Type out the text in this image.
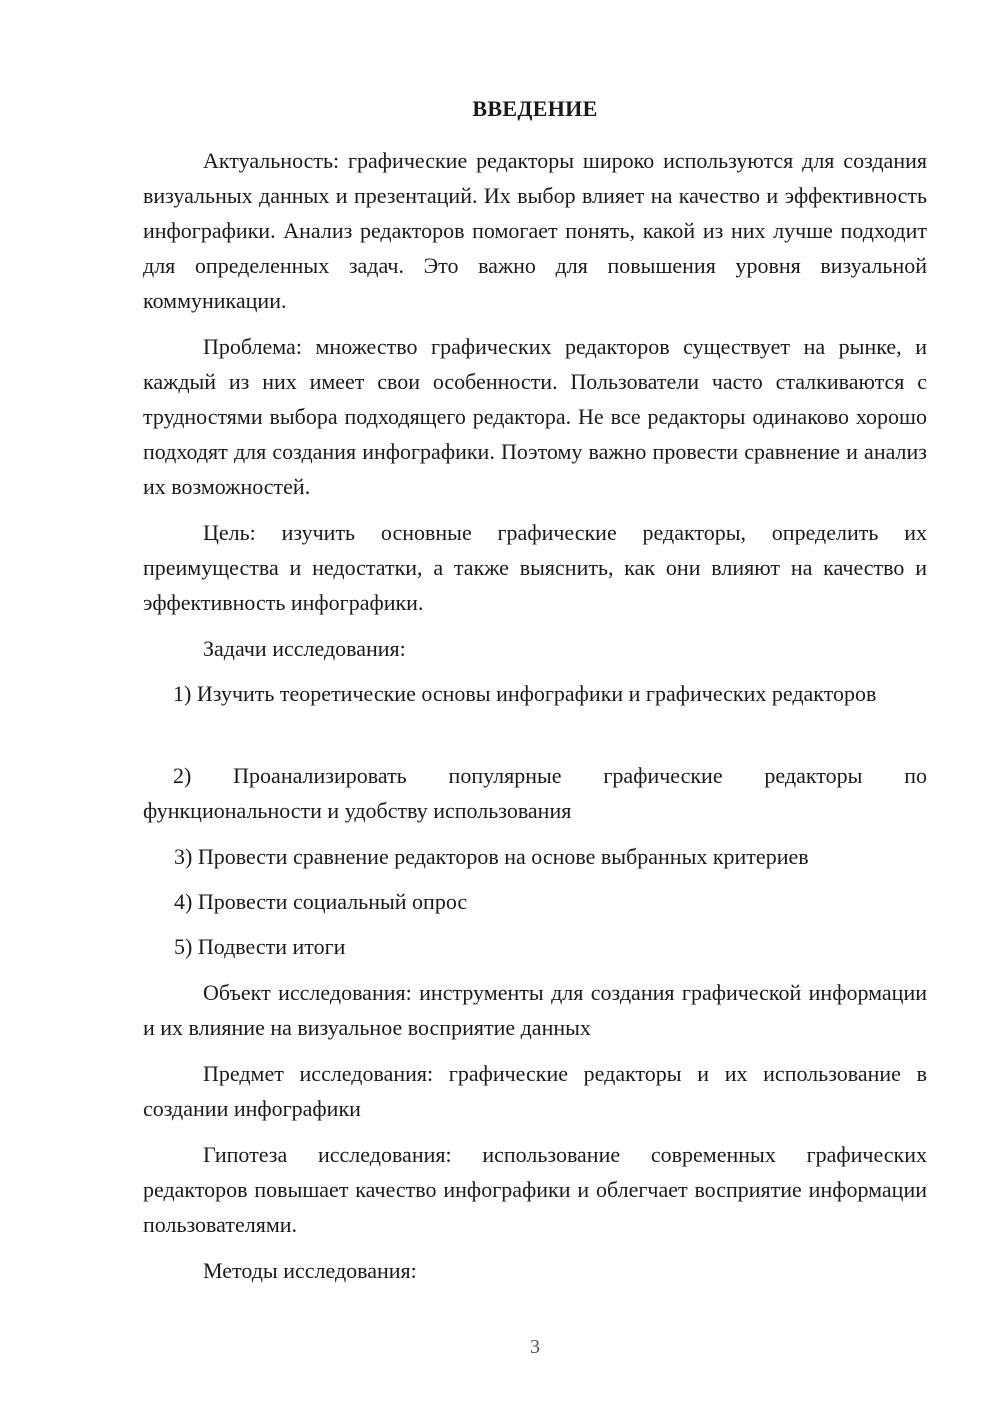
ВВЕДЕНИЕ

Актуальность: графические редакторы широко используются для создания визуальных данных и презентаций. Их выбор влияет на качество и эффективность инфографики. Анализ редакторов помогает понять, какой из них лучше подходит для определенных задач. Это важно для повышения уровня визуальной коммуникации.

Проблема: множество графических редакторов существует на рынке, и каждый из них имеет свои особенности. Пользователи часто сталкиваются с трудностями выбора подходящего редактора. Не все редакторы одинаково хорошо подходят для создания инфографики. Поэтому важно провести сравнение и анализ их возможностей.

Цель: изучить основные графические редакторы, определить их преимущества и недостатки, а также выяснить, как они влияют на качество и эффективность инфографики.

Задачи исследования:

1) Изучить теоретические основы инфографики и графических редакторов

2) Проанализировать популярные графические редакторы по функциональности и удобству использования

3) Провести сравнение редакторов на основе выбранных критериев
4) Провести социальный опрос
5) Подвести итоги

Объект исследования: инструменты для создания графической информации и их влияние на визуальное восприятие данных

Предмет исследования: графические редакторы и их использование в создании инфографики

Гипотеза исследования: использование современных графических редакторов повышает качество инфографики и облегчает восприятие информации пользователями.

Методы исследования:
3
